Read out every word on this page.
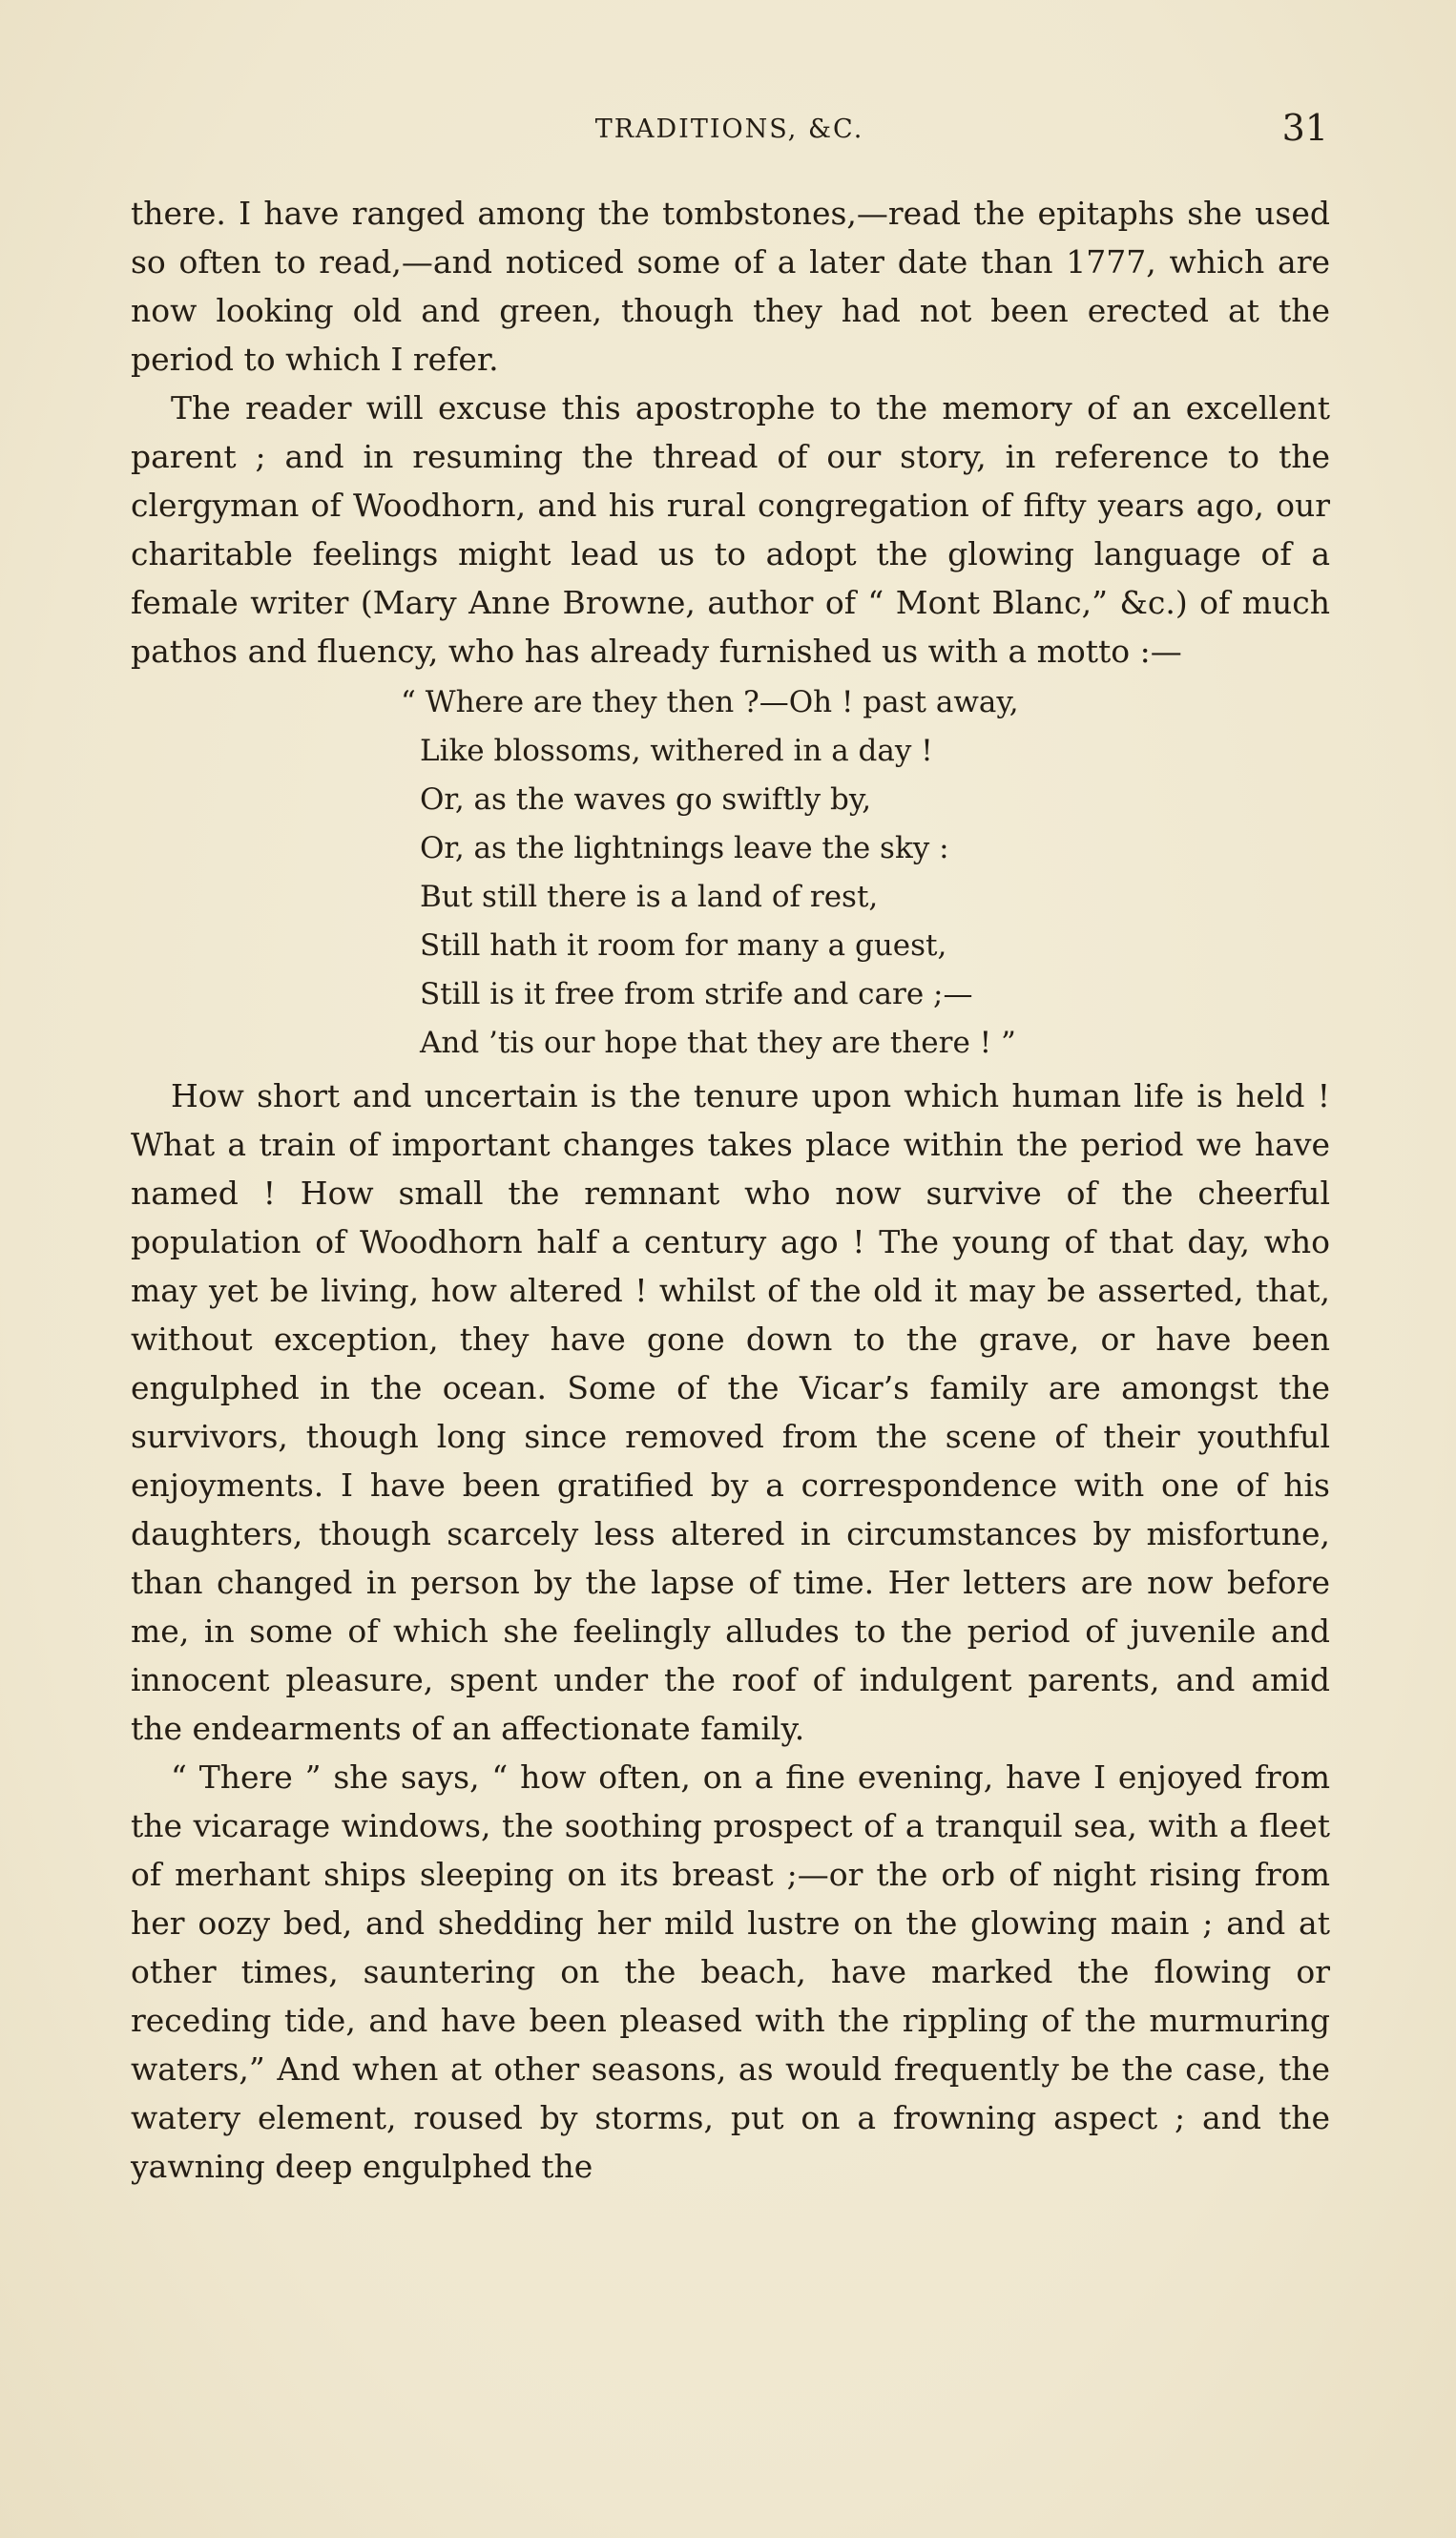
TRADITIONS, &C.	31

there. I have ranged among the tombstones,—read the epitaphs she used so often to read,—and noticed some of a later date than 1777, which are now looking old and green, though they had not been erected at the period to which I refer.

The reader will excuse this apostrophe to the memory of an excellent parent ; and in resuming the thread of our story, in reference to the clergyman of Woodhorn, and his rural congregation of fifty years ago, our charitable feelings might lead us to adopt the glowing language of a female writer (Mary Anne Browne, author of “ Mont Blanc,” &c.) of much pathos and fluency, who has already furnished us with a motto :—

“ Where are they then ?—Oh ! past away,
Like blossoms, withered in a day !
Or, as the waves go swiftly by,
Or, as the lightnings leave the sky :
But still there is a land of rest,
Still hath it room for many a guest,
Still is it free from strife and care ;—
And ’tis our hope that they are there ! ”

How short and uncertain is the tenure upon which human life is held ! What a train of important changes takes place within the period we have named ! How small the remnant who now survive of the cheerful population of Woodhorn half a century ago ! The young of that day, who may yet be living, how altered ! whilst of the old it may be asserted, that, without exception, they have gone down to the grave, or have been engulphed in the ocean. Some of the Vicar’s family are amongst the survivors, though long since removed from the scene of their youthful enjoyments. I have been gratified by a correspondence with one of his daughters, though scarcely less altered in circumstances by misfortune, than changed in person by the lapse of time. Her letters are now before me, in some of which she feelingly alludes to the period of juvenile and innocent pleasure, spent under the roof of indulgent parents, and amid the endearments of an affectionate family.

“ There ” she says, “ how often, on a fine evening, have I enjoyed from the vicarage windows, the soothing prospect of a tranquil sea, with a fleet of merhant ships sleeping on its breast ;—or the orb of night rising from her oozy bed, and shedding her mild lustre on the glowing main ; and at other times, sauntering on the beach, have marked the flowing or receding tide, and have been pleased with the rippling of the murmuring waters,” And when at other seasons, as would frequently be the case, the watery element, roused by storms, put on a frowning aspect ; and the yawning deep engulphed the
